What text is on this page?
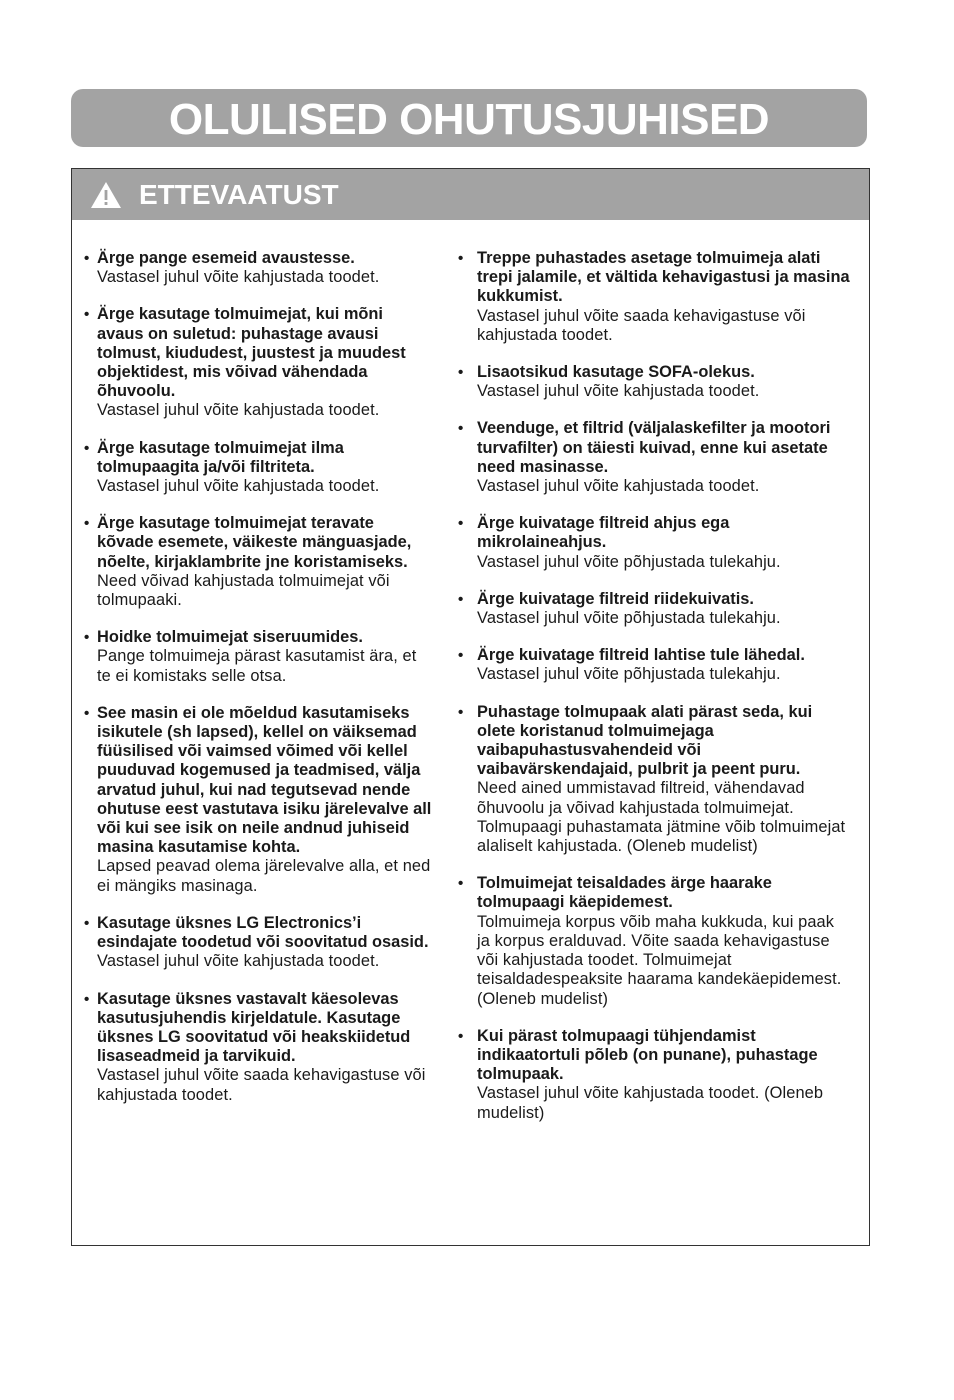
OLULISED OHUTUSJUHISED
ETTEVAATUST
• Ärge pange esemeid avaustesse.
Vastasel juhul võite kahjustada toodet.
• Ärge kasutage tolmuimejat, kui mõni avaus on suletud: puhastage avausi tolmust, kiududest, juustest ja muudest objektidest, mis võivad vähendada õhuvoolu.
Vastasel juhul võite kahjustada toodet.
• Ärge kasutage tolmuimejat ilma tolmupaagita ja/või filtriteta.
Vastasel juhul võite kahjustada toodet.
• Ärge kasutage tolmuimejat teravate kõvade esemete, väikeste mänguasjade, nõelte, kirjaklambrite jne koristamiseks.
Need võivad kahjustada tolmuimejat või tolmupaaki.
• Hoidke tolmuimejat siseruumides.
Pange tolmuimeja pärast kasutamist ära, et te ei komistaks selle otsa.
• See masin ei ole mõeldud kasutamiseks isikutele (sh lapsed), kellel on väiksemad füüsilised või vaimsed võimed või kellel puuduvad kogemused ja teadmised, välja arvatud juhul, kui nad tegutsevad nende ohutuse eest vastutava isiku järelevalve all või kui see isik on neile andnud juhiseid masina kasutamise kohta.
Lapsed peavad olema järelevalve alla, et ned ei mängiks masinaga.
• Kasutage üksnes LG Electronics’i esindajate toodetud või soovitatud osasid.
Vastasel juhul võite kahjustada toodet.
• Kasutage üksnes vastavalt käesolevas kasutusjuhendis kirjeldatule. Kasutage üksnes LG soovitatud või heakskiidetud lisaseadmeid ja tarvikuid.
Vastasel juhul võite saada kehavigastuse või kahjustada toodet.
• Treppe puhastades asetage tolmuimeja alati trepi jalamile, et vältida kehavigastusi ja masina kukkumist.
Vastasel juhul võite saada kehavigastuse või kahjustada toodet.
• Lisaotsikud kasutage SOFA-olekus.
Vastasel juhul võite kahjustada toodet.
• Veenduge, et filtrid (väljalaskefilter ja mootori turvafilter) on täiesti kuivad, enne kui asetate need masinasse.
Vastasel juhul võite kahjustada toodet.
• Ärge kuivatage filtreid ahjus ega mikrolaineahjus.
Vastasel juhul võite põhjustada tulekahju.
• Ärge kuivatage filtreid riidekuivatis.
Vastasel juhul võite põhjustada tulekahju.
• Ärge kuivatage filtreid lahtise tule lähedal.
Vastasel juhul võite põhjustada tulekahju.
• Puhastage tolmupaak alati pärast seda, kui olete koristanud tolmuimejaga vaibapuhastusvahendeid või vaibavärskendajaid, pulbrit ja peent puru.
Need ained ummistavad filtreid, vähendavad õhuvoolu ja võivad kahjustada tolmuimejat. Tolmupaagi puhastamata jätmine võib tolmuimejat alaliselt kahjustada. (Oleneb mudelist)
• Tolmuimejat teisaldades ärge haarake tolmupaagi käepidemest.
Tolmuimeja korpus võib maha kukkuda, kui paak ja korpus eralduvad. Võite saada kehavigastuse või kahjustada toodet. Tolmuimejat teisaldadespeaksite haarama kandekäepidemest. (Oleneb mudelist)
• Kui pärast tolmupaagi tühjendamist indikaatortuli põleb (on punane), puhastage tolmupaak.
Vastasel juhul võite kahjustada toodet. (Oleneb mudelist)
